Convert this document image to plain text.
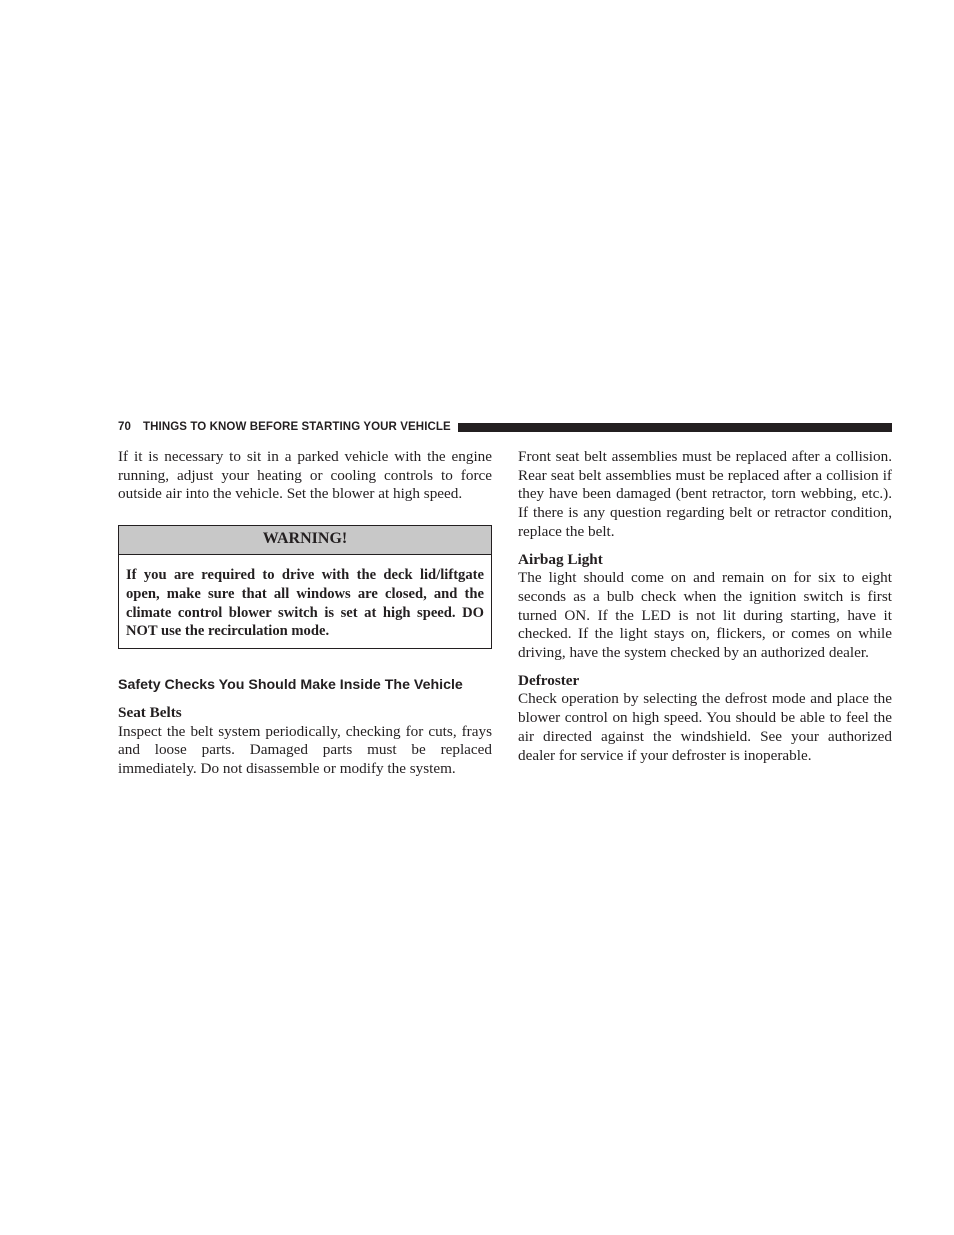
70 THINGS TO KNOW BEFORE STARTING YOUR VEHICLE

If it is necessary to sit in a parked vehicle with the engine running, adjust your heating or cooling controls to force outside air into the vehicle. Set the blower at high speed.

WARNING!
If you are required to drive with the deck lid/liftgate open, make sure that all windows are closed, and the climate control blower switch is set at high speed. DO NOT use the recirculation mode.
Safety Checks You Should Make Inside The Vehicle
Seat Belts

Inspect the belt system periodically, checking for cuts, frays and loose parts. Damaged parts must be replaced immediately. Do not disassemble or modify the system.

Front seat belt assemblies must be replaced after a collision. Rear seat belt assemblies must be replaced after a collision if they have been damaged (bent retractor, torn webbing, etc.). If there is any question regarding belt or retractor condition, replace the belt.

Airbag Light

The light should come on and remain on for six to eight seconds as a bulb check when the ignition switch is first turned ON. If the LED is not lit during starting, have it checked. If the light stays on, flickers, or comes on while driving, have the system checked by an authorized dealer.

Defroster

Check operation by selecting the defrost mode and place the blower control on high speed. You should be able to feel the air directed against the windshield. See your authorized dealer for service if your defroster is inoperable.
